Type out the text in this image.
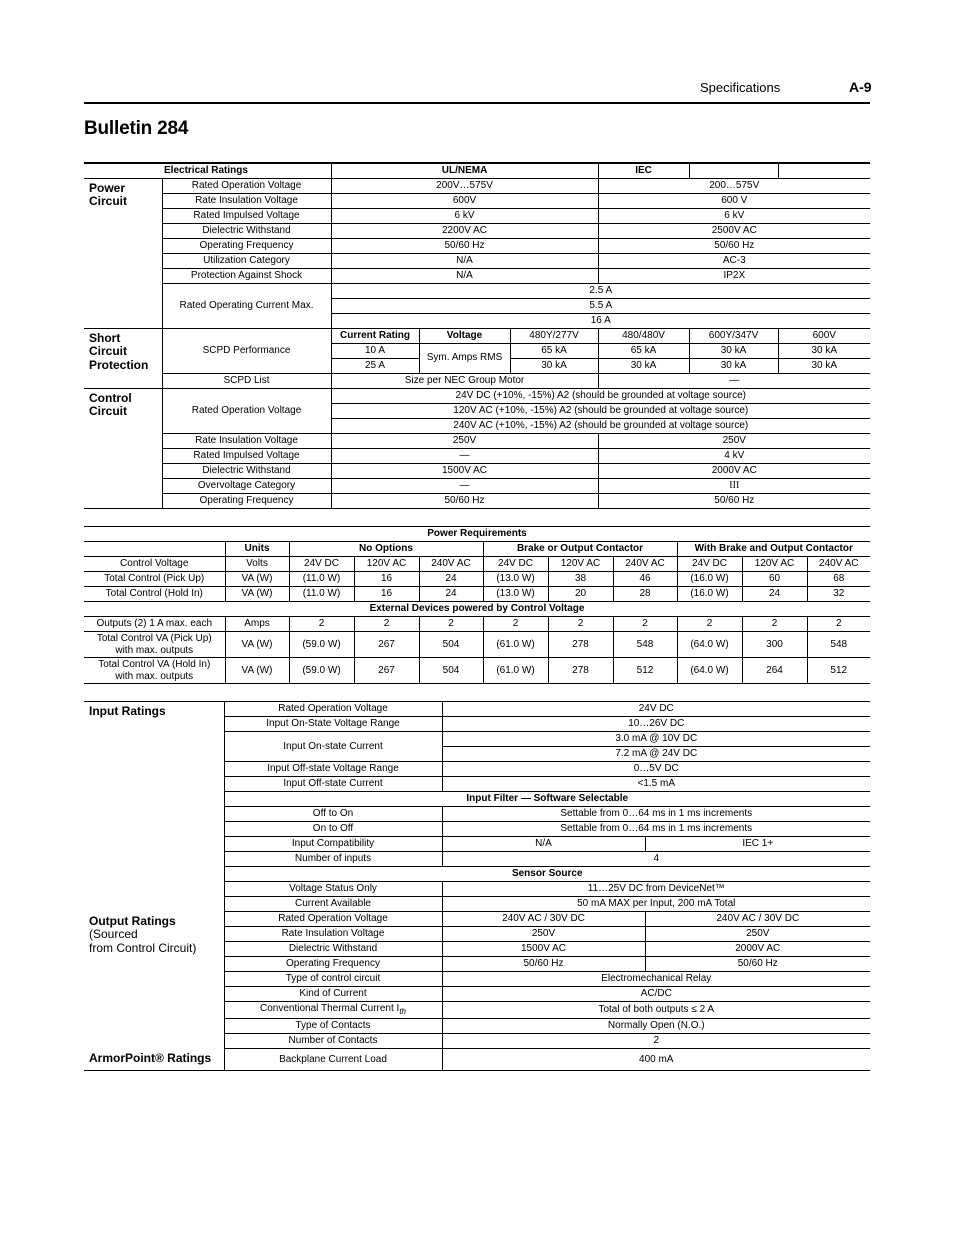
Specifications	A-9
Bulletin 284
	Electrical Ratings	UL/NEMA			IEC		
Power Circuit	Rated Operation Voltage	200V…575V			200…575V		
	Rate Insulation Voltage	600V			600 V		
	Rated Impulsed Voltage	6 kV			6 kV		
	Dielectric Withstand	2200V AC			2500V AC		
	Operating Frequency	50/60 Hz			50/60 Hz		
	Utilization Category	N/A			AC-3		
	Protection Against Shock	N/A			IP2X		
	Rated Operating Current Max.	2.5 A					
		5.5 A					
		16 A					
Short Circuit
Protection	SCPD Performance	Current Rating	Voltage	480Y/277V	480/480V	600Y/347V	600V
		10 A	Sym. Amps RMS	65 kA	65 kA	30 kA	30 kA
		25 A		30 kA	30 kA	30 kA	30 kA
	SCPD List	Size per NEC Group Motor			—		
Control
Circuit	Rated Operation Voltage	24V DC (+10%, -15%) A2 (should be grounded at voltage source)					
		120V AC (+10%, -15%) A2 (should be grounded at voltage source)					
		240V AC (+10%, -15%) A2 (should be grounded at voltage source)					
	Rate Insulation Voltage	250V			250V		
	Rated Impulsed Voltage	—			4 kV		
	Dielectric Withstand	1500V AC			2000V AC		
	Overvoltage Category	—			III		
	Operating Frequency	50/60 Hz			50/60 Hz		
Power Requirements										
	Units	No Options			Brake or Output Contactor			With Brake and Output Contactor		
Control Voltage	Volts	24V DC	120V AC	240V AC	24V DC	120V AC	240V AC	24V DC	120V AC	240V AC
Total Control (Pick Up)	VA (W)	(11.0 W)	16	24	(13.0 W)	38	46	(16.0 W)	60	68
Total Control (Hold In)	VA (W)	(11.0 W)	16	24	(13.0 W)	20	28	(16.0 W)	24	32
External Devices powered by Control Voltage										
Outputs (2) 1 A max. each	Amps	2	2	2	2	2	2	2	2	2
Total Control VA (Pick Up)
with max. outputs	VA (W)	(59.0 W)	267	504	(61.0 W)	278	548	(64.0 W)	300	548
Total Control VA (Hold In)
with max. outputs	VA (W)	(59.0 W)	267	504	(61.0 W)	278	512	(64.0 W)	264	512
Input Ratings	Rated Operation Voltage	24V DC	
	Input On-State Voltage Range	10…26V DC	
	Input On-state Current	3.0 mA @ 10V DC	
		7.2 mA @ 24V DC	
	Input Off-state Voltage Range	0…5V DC	
	Input Off-state Current	<1.5 mA	
	Input Filter — Software Selectable		
	Off to On	Settable from 0…64 ms in 1 ms increments	
	On to Off	Settable from 0…64 ms in 1 ms increments	
	Input Compatibility	N/A	IEC 1+
	Number of inputs	4	
	Sensor Source		
	Voltage Status Only	11…25V DC from DeviceNet™	
	Current Available	50 mA MAX per Input, 200 mA Total	
Output Ratings (Sourced
from Control Circuit)	Rated Operation Voltage	240V AC / 30V DC	240V AC / 30V DC
	Rate Insulation Voltage	250V	250V
	Dielectric Withstand	1500V AC	2000V AC
	Operating Frequency	50/60 Hz	50/60 Hz
	Type of control circuit	Electromechanical Relay	
	Kind of Current	AC/DC	
	Conventional Thermal Current $I_{th}$	Total of both outputs ≤ 2 A	
	Type of Contacts	Normally Open (N.O.)	
	Number of Contacts	2	
ArmorPoint® Ratings	Backplane Current Load	400 mA	
